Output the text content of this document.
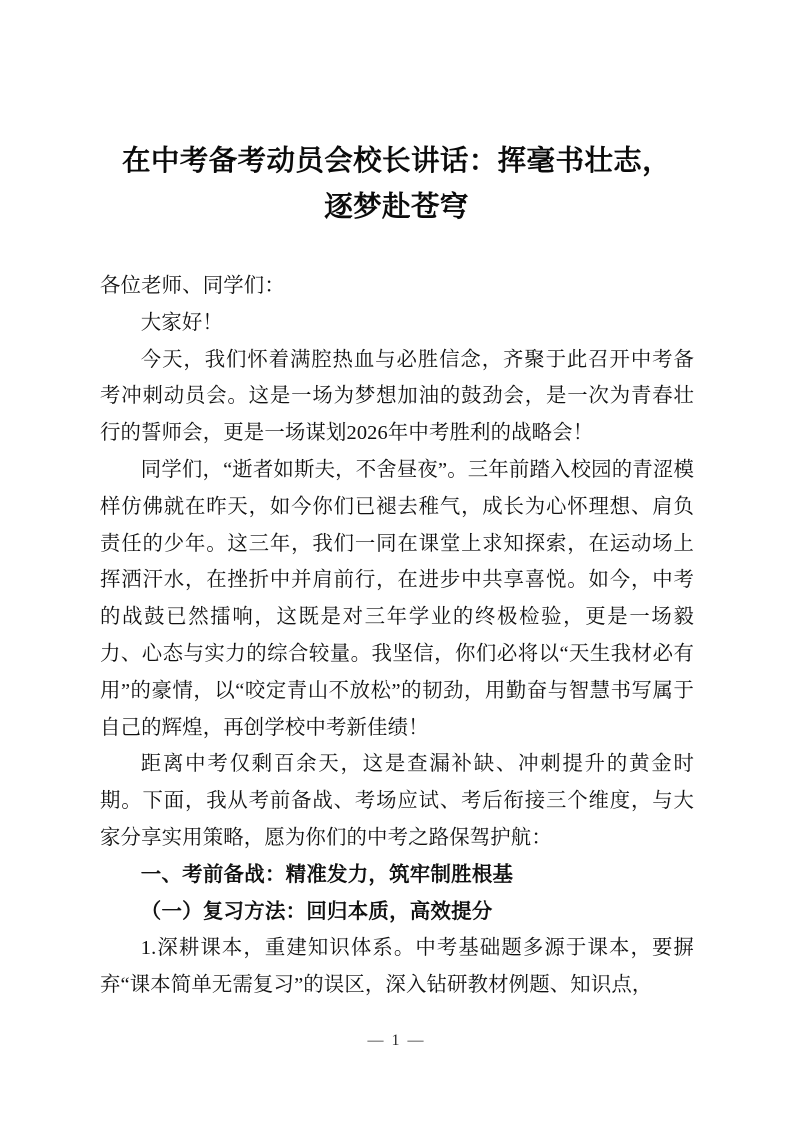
在中考备考动员会校长讲话：挥毫书壮志，
逐梦赴苍穹

各位老师、同学们：

大家好！

今天，我们怀着满腔热血与必胜信念，齐聚于此召开中考备考冲刺动员会。这是一场为梦想加油的鼓劲会，是一次为青春壮行的誓师会，更是一场谋划2026年中考胜利的战略会！

同学们，“逝者如斯夫，不舍昼夜”。三年前踏入校园的青涩模样仿佛就在昨天，如今你们已褪去稚气，成长为心怀理想、肩负责任的少年。这三年，我们一同在课堂上求知探索，在运动场上挥洒汗水，在挫折中并肩前行，在进步中共享喜悦。如今，中考的战鼓已然擂响，这既是对三年学业的终极检验，更是一场毅力、心态与实力的综合较量。我坚信，你们必将以“天生我材必有用”的豪情，以“咬定青山不放松”的韧劲，用勤奋与智慧书写属于自己的辉煌，再创学校中考新佳绩！

距离中考仅剩百余天，这是查漏补缺、冲刺提升的黄金时期。下面，我从考前备战、考场应试、考后衔接三个维度，与大家分享实用策略，愿为你们的中考之路保驾护航：

一、考前备战：精准发力，筑牢制胜根基

（一）复习方法：回归本质，高效提分

1.深耕课本，重建知识体系。中考基础题多源于课本，要摒弃“课本简单无需复习”的误区，深入钻研教材例题、知识点，

— 1 —
